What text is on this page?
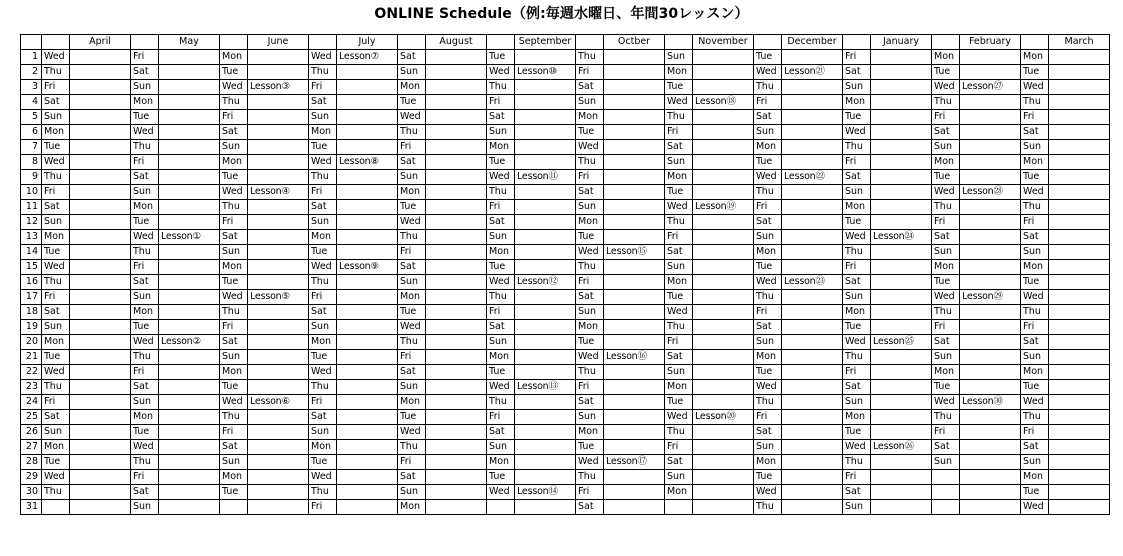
ONLINE Schedule（例:毎週水曜日、年間30レッスン）
		April		May		June		July		August		September		Octber		November		December		January		February		March
1	Wed		Fri		Mon		Wed	Lesson⑦	Sat		Tue		Thu		Sun		Tue		Fri		Mon		Mon	
2	Thu		Sat		Tue		Thu		Sun		Wed	Lesson⑩	Fri		Mon		Wed	Lesson㉑	Sat		Tue		Tue	
3	Fri		Sun		Wed	Lesson③	Fri		Mon		Thu		Sat		Tue		Thu		Sun		Wed	Lesson㉗	Wed	
4	Sat		Mon		Thu		Sat		Tue		Fri		Sun		Wed	Lesson⑱	Fri		Mon		Thu		Thu	
5	Sun		Tue		Fri		Sun		Wed		Sat		Mon		Thu		Sat		Tue		Fri		Fri	
6	Mon		Wed		Sat		Mon		Thu		Sun		Tue		Fri		Sun		Wed		Sat		Sat	
7	Tue		Thu		Sun		Tue		Fri		Mon		Wed		Sat		Mon		Thu		Sun		Sun	
8	Wed		Fri		Mon		Wed	Lesson⑧	Sat		Tue		Thu		Sun		Tue		Fri		Mon		Mon	
9	Thu		Sat		Tue		Thu		Sun		Wed	Lesson⑪	Fri		Mon		Wed	Lesson㉒	Sat		Tue		Tue	
10	Fri		Sun		Wed	Lesson④	Fri		Mon		Thu		Sat		Tue		Thu		Sun		Wed	Lesson㉘	Wed	
11	Sat		Mon		Thu		Sat		Tue		Fri		Sun		Wed	Lesson⑲	Fri		Mon		Thu		Thu	
12	Sun		Tue		Fri		Sun		Wed		Sat		Mon		Thu		Sat		Tue		Fri		Fri	
13	Mon		Wed	Lesson①	Sat		Mon		Thu		Sun		Tue		Fri		Sun		Wed	Lesson㉔	Sat		Sat	
14	Tue		Thu		Sun		Tue		Fri		Mon		Wed	Lesson⑮	Sat		Mon		Thu		Sun		Sun	
15	Wed		Fri		Mon		Wed	Lesson⑨	Sat		Tue		Thu		Sun		Tue		Fri		Mon		Mon	
16	Thu		Sat		Tue		Thu		Sun		Wed	Lesson⑫	Fri		Mon		Wed	Lesson㉓	Sat		Tue		Tue	
17	Fri		Sun		Wed	Lesson⑤	Fri		Mon		Thu		Sat		Tue		Thu		Sun		Wed	Lesson㉙	Wed	
18	Sat		Mon		Thu		Sat		Tue		Fri		Sun		Wed		Fri		Mon		Thu		Thu	
19	Sun		Tue		Fri		Sun		Wed		Sat		Mon		Thu		Sat		Tue		Fri		Fri	
20	Mon		Wed	Lesson②	Sat		Mon		Thu		Sun		Tue		Fri		Sun		Wed	Lesson㉕	Sat		Sat	
21	Tue		Thu		Sun		Tue		Fri		Mon		Wed	Lesson⑯	Sat		Mon		Thu		Sun		Sun	
22	Wed		Fri		Mon		Wed		Sat		Tue		Thu		Sun		Tue		Fri		Mon		Mon	
23	Thu		Sat		Tue		Thu		Sun		Wed	Lesson⑬	Fri		Mon		Wed		Sat		Tue		Tue	
24	Fri		Sun		Wed	Lesson⑥	Fri		Mon		Thu		Sat		Tue		Thu		Sun		Wed	Lesson㉚	Wed	
25	Sat		Mon		Thu		Sat		Tue		Fri		Sun		Wed	Lesson⑳	Fri		Mon		Thu		Thu	
26	Sun		Tue		Fri		Sun		Wed		Sat		Mon		Thu		Sat		Tue		Fri		Fri	
27	Mon		Wed		Sat		Mon		Thu		Sun		Tue		Fri		Sun		Wed	Lesson㉖	Sat		Sat	
28	Tue		Thu		Sun		Tue		Fri		Mon		Wed	Lesson⑰	Sat		Mon		Thu		Sun		Sun	
29	Wed		Fri		Mon		Wed		Sat		Tue		Thu		Sun		Tue		Fri				Mon	
30	Thu		Sat		Tue		Thu		Sun		Wed	Lesson⑭	Fri		Mon		Wed		Sat				Tue	
31			Sun				Fri		Mon				Sat				Thu		Sun				Wed	
